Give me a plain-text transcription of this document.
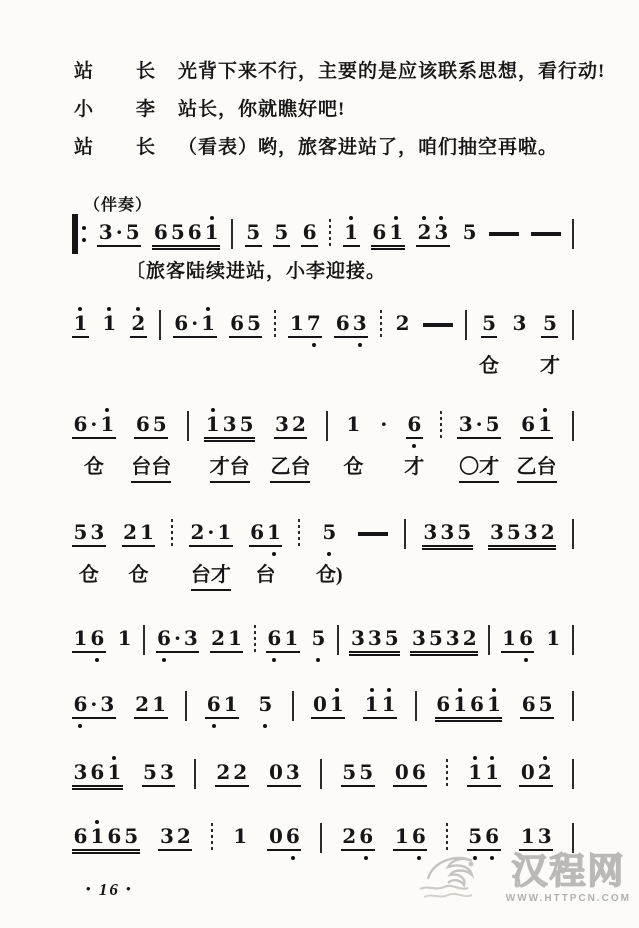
站 长 光背下来不行，主要的是应该联系思想，看行动!
小 李 站长，你就瞧好吧!
站 长 （看表）哟，旅客进站了，咱们抽空再啦。
（伴奏）
3 · 5 6 5 6 1 5 5 6 1 6 1 2 3 5
1 1 2 6 · 1 6 5 1 7 6 3 2	5
仓
3 5
才
6 · 1
仓
6 5
台台
1 3 5
才台
3 2
乙台
1
仓
· 6
才
3 · 5
〇才
6 1
乙台
5 3
仓
2 1
仓
2 · 1
台才
6 1
台
5
仓)
3 3 5 3 5 3 2
1 6 1 6 · 3 2 1 6 1 5 3 3 5 3 5 3 2 1 6 1
6 · 3 2 1 6 1 5 0 1 1 1 6 1 6 1 6 5
3 6 1 5 3 2 2 0 3 5 5 0 6 1 1 0 2
6 1 6 5 3 2 1 0 6 2 6 1 6 5 6 1 3
〔旅客陆续进站，小李迎接。
• 16 •	汉程网
WWW.HTTPCN.COM
